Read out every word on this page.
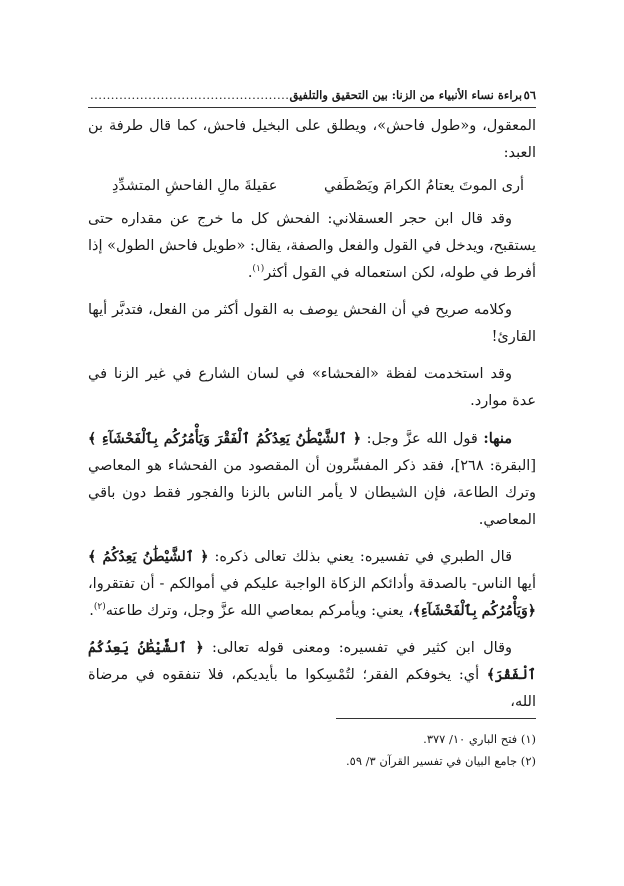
٥٦
براءة نساء الأنبياء من الزنا: بين التحقيق والتلفيق
................................................

المعقول، و«طول فاحش»، ويطلق على البخيل فاحش، كما قال طرفة بن العبد:

أرى الموتَ يعتامُ الكرامَ ويَصْطَفي
عقيلةَ مالِ الفاحشِ المتشدِّدِ

وقد قال ابن حجر العسقلاني: الفحش كل ما خرج عن مقداره حتى يستقبح، ويدخل في القول والفعل والصفة، يقال: «طويل فاحش الطول» إذا أفرط في طوله، لكن استعماله في القول أكثر$^{(١)}$.

وكلامه صريح في أن الفحش يوصف به القول أكثر من الفعل، فتدبَّر أيها القارئ!

وقد استخدمت لفظة «الفحشاء» في لسان الشارع في غير الزنا في عدة موارد.

منها: قول الله عزَّ وجل: ﴿ ٱلشَّيْطَٰنُ يَعِدُكُمُ ٱلْفَقْرَ وَيَأْمُرُكُم بِٱلْفَحْشَآءِ ﴾ [البقرة: ٢٦٨]، فقد ذكر المفسِّرون أن المقصود من الفحشاء هو المعاصي وترك الطاعة، فإن الشيطان لا يأمر الناس بالزنا والفجور فقط دون باقي المعاصي.

قال الطبري في تفسيره: يعني بذلك تعالى ذكره: ﴿ ٱلشَّيْطَٰنُ يَعِدُكُمُ ﴾ أيها الناس- بالصدقة وأدائكم الزكاة الواجبة عليكم في أموالكم - أن تفتقروا، ﴿وَيَأْمُرُكُم بِٱلْفَحْشَآءِ﴾، يعني: ويأمركم بمعاصي الله عزَّ وجل، وترك طاعته$^{(٢)}$.

وقال ابن كثير في تفسيره: ومعنى قوله تعالى: ﴿ ٱلشَّيْطَٰنُ يَعِدُكُمُ ٱلْفَقْرَ﴾ أي: يخوفكم الفقر؛ لتُمْسِكوا ما بأيديكم، فلا تنفقوه في مرضاة الله،

(١) فتح الباري ١٠/ ٣٧٧.
(٢) جامع البيان في تفسير القرآن ٣/ ٥٩.
